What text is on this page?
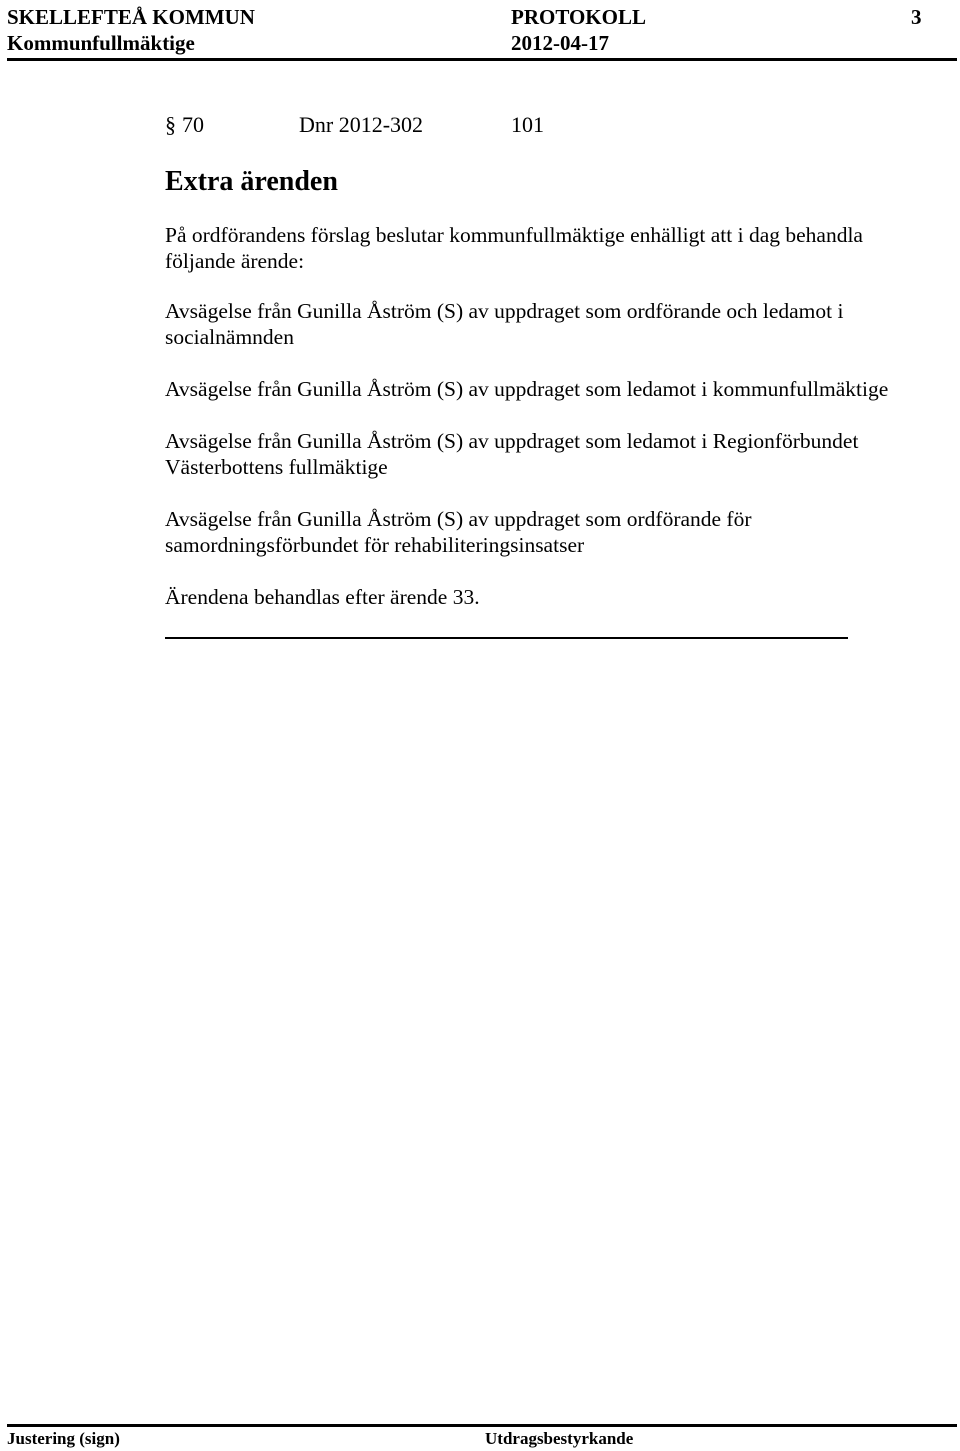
SKELLEFTEÅ KOMMUN	PROTOKOLL	3
Kommunfullmäktige	2012-04-17
§ 70	Dnr 2012-302	101
Extra ärenden
På ordförandens förslag beslutar kommunfullmäktige enhälligt att i dag behandla följande ärende:
Avsägelse från Gunilla Åström (S) av uppdraget som ordförande och ledamot i socialnämnden
Avsägelse från Gunilla Åström (S) av uppdraget som ledamot i kommunfullmäktige
Avsägelse från Gunilla Åström (S) av uppdraget som ledamot i Regionförbundet Västerbottens fullmäktige
Avsägelse från Gunilla Åström (S) av uppdraget som ordförande för samordningsförbundet för rehabiliteringsinsatser
Ärendena behandlas efter ärende 33.
Justering (sign)	Utdragsbestyrkande
